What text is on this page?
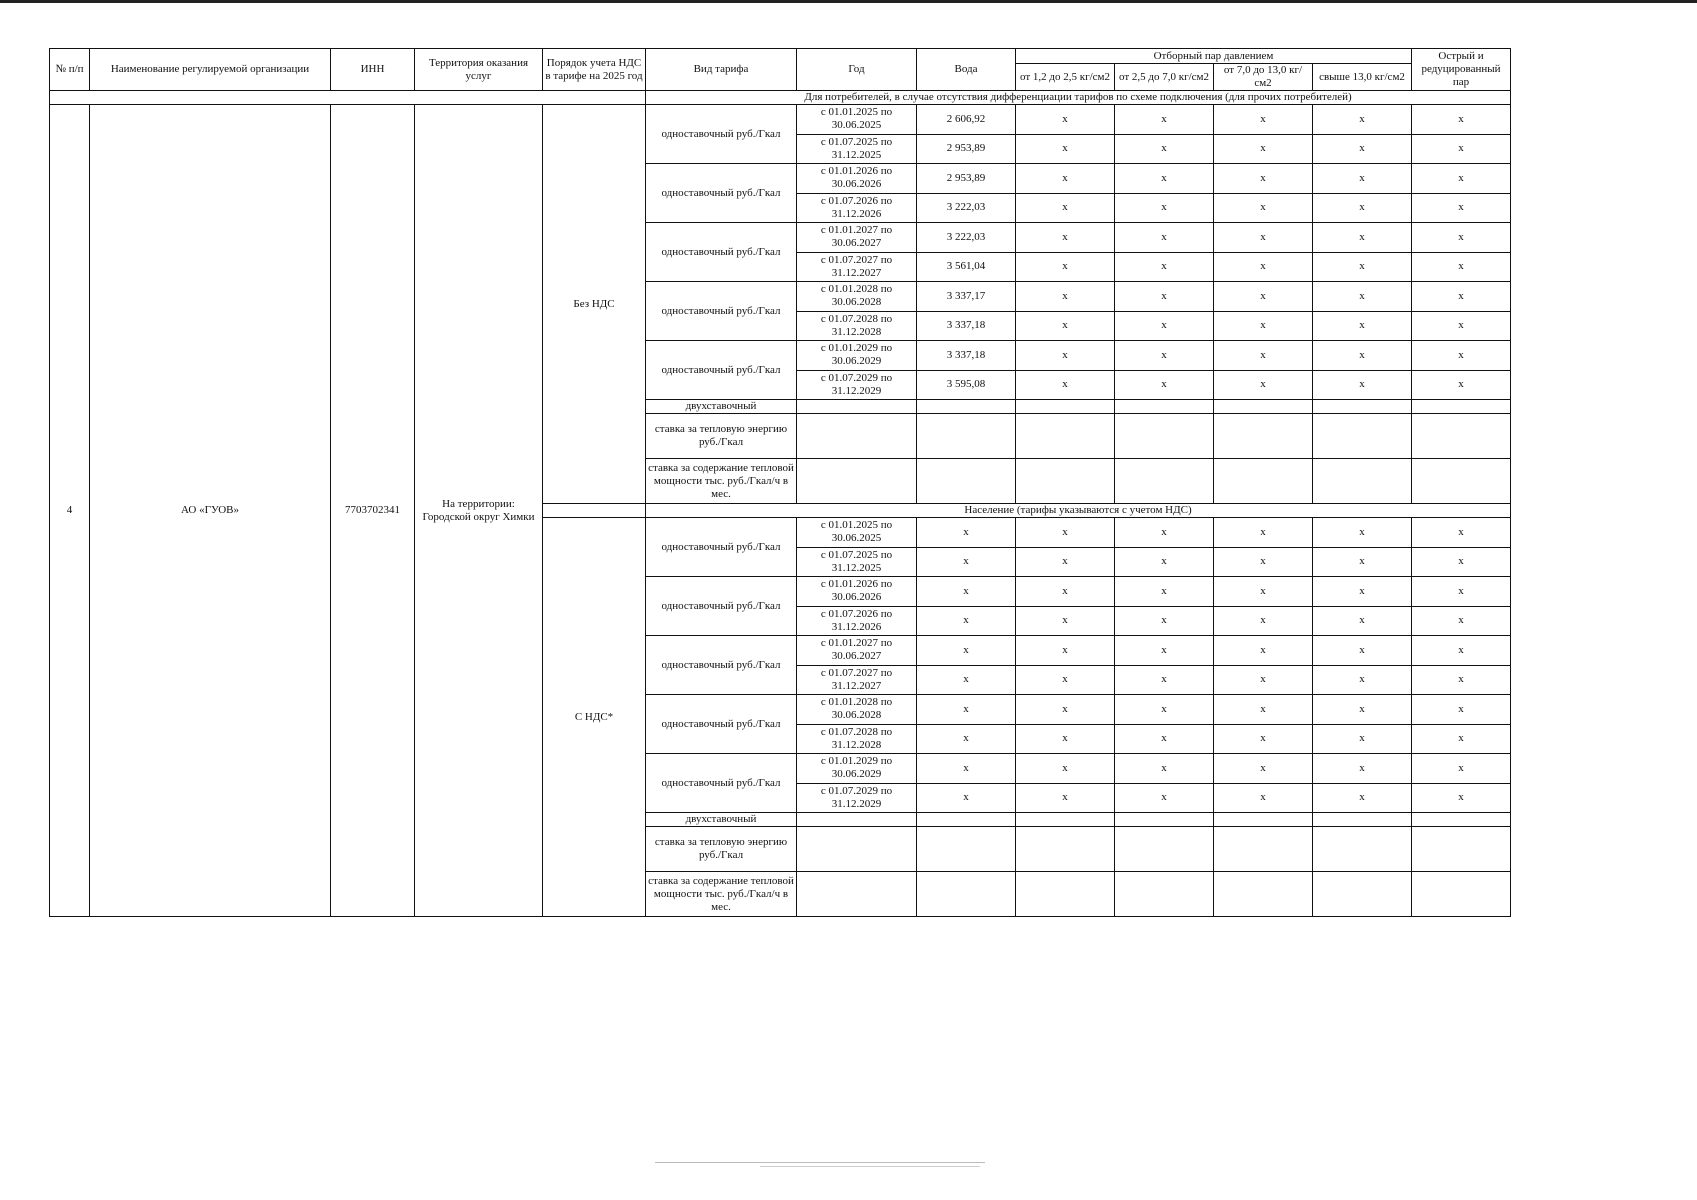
№ п/п	Наименование регулируемой организации	ИНН	Территория оказания услуг	Порядок учета НДС в тарифе на 2025 год	Вид тарифа	Год	Вода	Отборный пар давлением				Острый и редуцированный пар
								от 1,2 до 2,5 кг/см2	от 2,5 до 7,0 кг/см2	от 7,0 до 13,0 кг/см2	свыше 13,0 кг/см2	

					Для потребителей, в случае отсутствия дифференциации тарифов по схеме подключения (для прочих потребителей)							
4	АО «ГУОВ»	7703702341	На территории: Городской округ Химки	Без НДС	одноставочный руб./Гкал	с 01.01.2025 по 30.06.2025	2 606,92	x	x	x	x	x
						с 01.07.2025 по 31.12.2025	2 953,89	x	x	x	x	x
					одноставочный руб./Гкал	с 01.01.2026 по 30.06.2026	2 953,89	x	x	x	x	x
						с 01.07.2026 по 31.12.2026	3 222,03	x	x	x	x	x
					одноставочный руб./Гкал	с 01.01.2027 по 30.06.2027	3 222,03	x	x	x	x	x
						с 01.07.2027 по 31.12.2027	3 561,04	x	x	x	x	x
					одноставочный руб./Гкал	с 01.01.2028 по 30.06.2028	3 337,17	x	x	x	x	x
						с 01.07.2028 по 31.12.2028	3 337,18	x	x	x	x	x
					одноставочный руб./Гкал	с 01.01.2029 по 30.06.2029	3 337,18	x	x	x	x	x
						с 01.07.2029 по 31.12.2029	3 595,08	x	x	x	x	x
					двухставочный							
					ставка за тепловую энергию руб./Гкал							
					ставка за содержание тепловой мощности тыс. руб./Гкал/ч в мес.							
					Население (тарифы указываются с учетом НДС)							
				С НДС*	одноставочный руб./Гкал	с 01.01.2025 по 30.06.2025	x	x	x	x	x	x
						с 01.07.2025 по 31.12.2025	x	x	x	x	x	x
					одноставочный руб./Гкал	с 01.01.2026 по 30.06.2026	x	x	x	x	x	x
						с 01.07.2026 по 31.12.2026	x	x	x	x	x	x
					одноставочный руб./Гкал	с 01.01.2027 по 30.06.2027	x	x	x	x	x	x
						с 01.07.2027 по 31.12.2027	x	x	x	x	x	x
					одноставочный руб./Гкал	с 01.01.2028 по 30.06.2028	x	x	x	x	x	x
						с 01.07.2028 по 31.12.2028	x	x	x	x	x	x
					одноставочный руб./Гкал	с 01.01.2029 по 30.06.2029	x	x	x	x	x	x
						с 01.07.2029 по 31.12.2029	x	x	x	x	x	x
					двухставочный							
					ставка за тепловую энергию руб./Гкал							
					ставка за содержание тепловой мощности тыс. руб./Гкал/ч в мес.							
